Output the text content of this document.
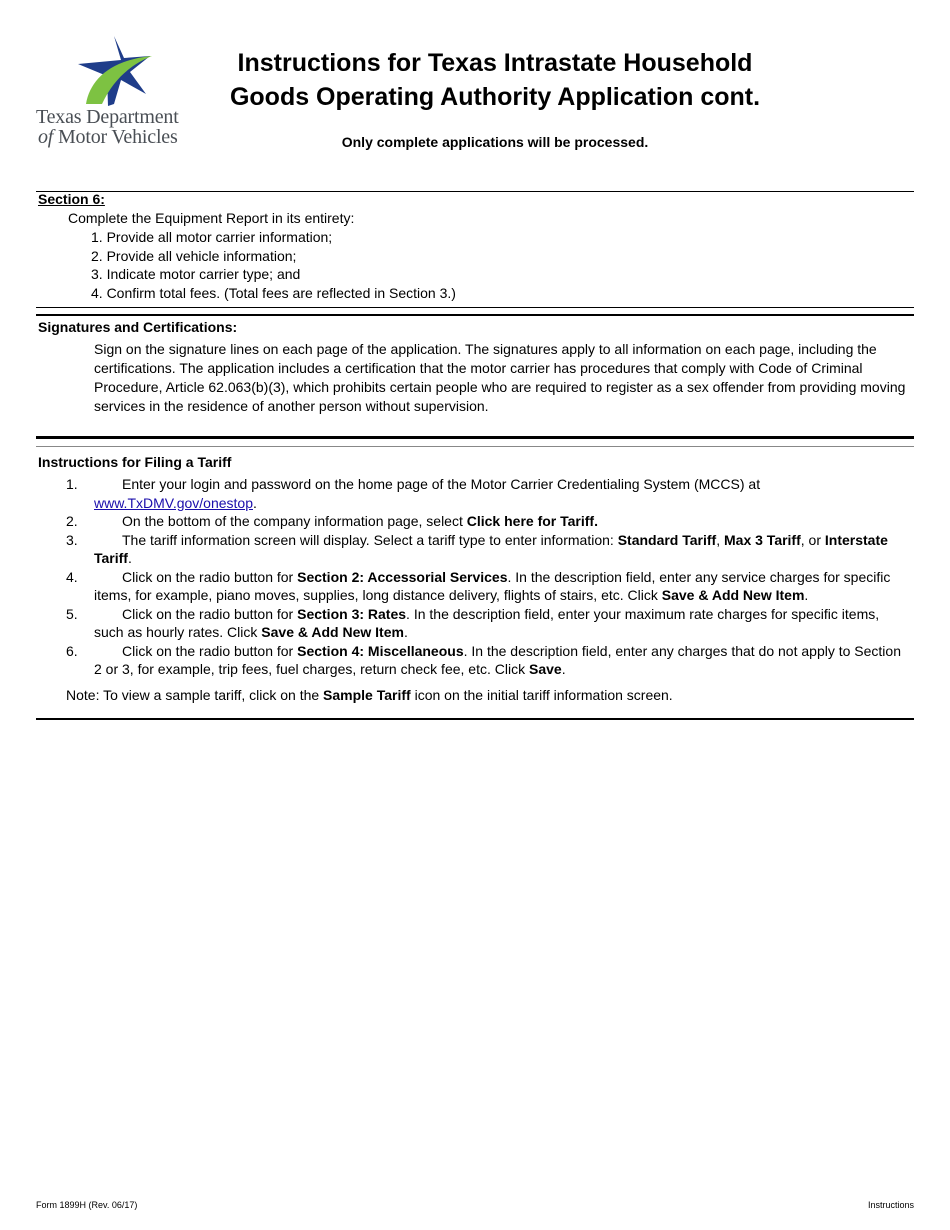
Texas Department
of Motor Vehicles
Instructions for Texas Intrastate Household
Goods Operating Authority Application cont.
Only complete applications will be processed.
Section 6:
Complete the Equipment Report in its entirety:
1. Provide all motor carrier information;
2. Provide all vehicle information;
3. Indicate motor carrier type; and
4. Confirm total fees. (Total fees are reflected in Section 3.)
Signatures and Certifications:
Sign on the signature lines on each page of the application. The signatures apply to all information on each page, including the certifications. The application includes a certification that the motor carrier has procedures that comply with Code of Criminal Procedure, Article 62.063(b)(3), which prohibits certain people who are required to register as a sex offender from providing moving services in the residence of another person without supervision.
Instructions for Filing a Tariff
1.	Enter your login and password on the home page of the Motor Carrier Credentialing System (MCCS) at www.TxDMV.gov/onestop.
2.	On the bottom of the company information page, select Click here for Tariff.
3.	The tariff information screen will display. Select a tariff type to enter information: Standard Tariff, Max 3 Tariff, or Interstate Tariff.
4.	Click on the radio button for Section 2: Accessorial Services. In the description field, enter any service charges for specific items, for example, piano moves, supplies, long distance delivery, flights of stairs, etc. Click Save & Add New Item.
5.	Click on the radio button for Section 3: Rates. In the description field, enter your maximum rate charges for specific items, such as hourly rates. Click Save & Add New Item.
6.	Click on the radio button for Section 4: Miscellaneous. In the description field, enter any charges that do not apply to Section 2 or 3, for example, trip fees, fuel charges, return check fee, etc. Click Save.
Note: To view a sample tariff, click on the Sample Tariff icon on the initial tariff information screen.
Form 1899H (Rev. 06/17)	Instructions
